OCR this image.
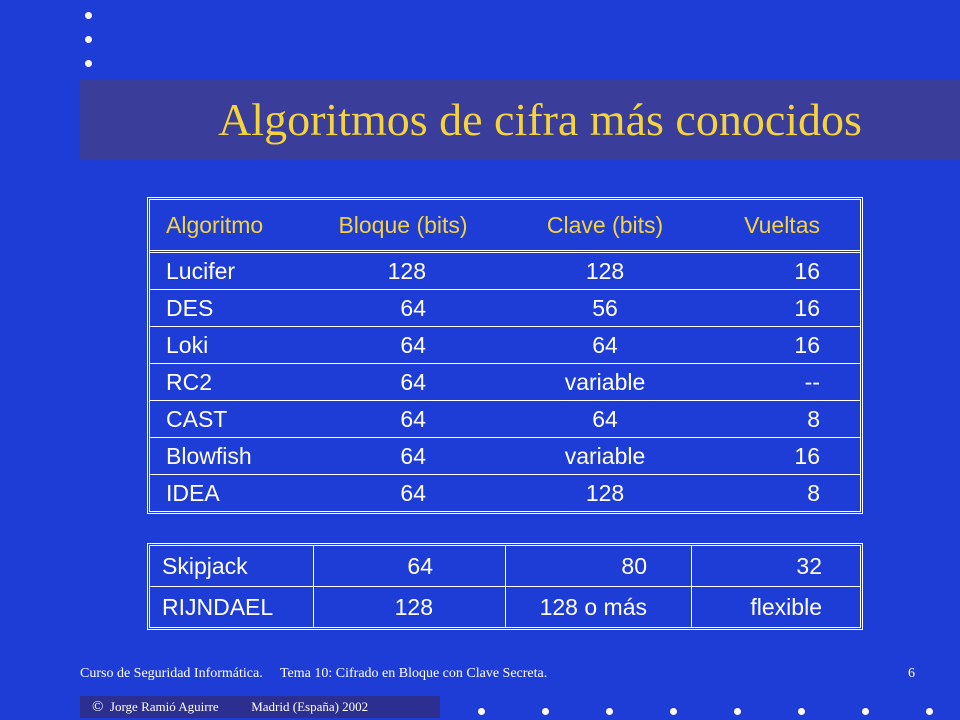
Algoritmos de cifra más conocidos
Algoritmo	Bloque (bits)	Clave (bits)	Vueltas
Lucifer	128	128	16
DES	64	56	16
Loki	64	64	16
RC2	64	variable	--
CAST	64	64	8
Blowfish	64	variable	16
IDEA	64	128	8
Skipjack	64	80	32
RIJNDAEL	128	128 o más	flexible
Curso de Seguridad Informática. Tema 10: Cifrado en Bloque con Clave Secreta.	6
© Jorge Ramió Aguirre	Madrid (España) 2002
